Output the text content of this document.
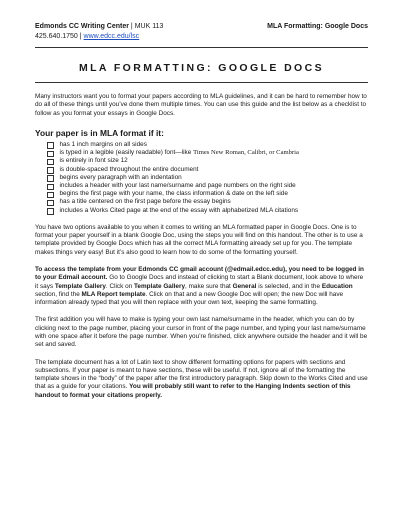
Edmonds CC Writing Center | MUK 113
425.640.1750 | www.edcc.edu/lsc
MLA Formatting: Google Docs
MLA FORMATTING: GOOGLE DOCS

Many instructors want you to format your papers according to MLA guidelines, and it can be hard to remember how to do all of these things until you’ve done them multiple times. You can use this guide and the list below as a checklist to follow as you format your essays in Google Docs.

Your paper is in MLA format if it:
has 1 inch margins on all sides
is typed in a legible (easily readable) font—like Times New Roman, Calibri, or Cambria
is entirely in font size 12
is double-spaced throughout the entire document
begins every paragraph with an indentation
includes a header with your last name/surname and page numbers on the right side
begins the first page with your name, the class information & date on the left side
has a title centered on the first page before the essay begins
includes a Works Cited page at the end of the essay with alphabetized MLA citations

You have two options available to you when it comes to writing an MLA formatted paper in Google Docs. One is to format your paper yourself in a blank Google Doc, using the steps you will find on this handout. The other is to use a template provided by Google Docs which has all the correct MLA formatting already set up for you. The template makes things very easy! But it’s also good to learn how to do some of the formatting yourself.

To access the template from your Edmonds CC gmail account (@edmail.edcc.edu), you need to be logged in to your Edmail account. Go to Google Docs and instead of clicking to start a Blank document, look above to where it says Template Gallery. Click on Template Gallery, make sure that General is selected, and in the Education section, find the MLA Report template. Click on that and a new Google Doc will open; the new Doc will have information already typed that you will then replace with your own text, keeping the same formatting.

The first addition you will have to make is typing your own last name/surname in the header, which you can do by clicking next to the page number, placing your cursor in front of the page number, and typing your last name/surname with one space after it before the page number. When you’re finished, click anywhere outside the header and it will be set and saved.

The template document has a lot of Latin text to show different formatting options for papers with sections and subsections. If your paper is meant to have sections, these will be useful. If not, ignore all of the formatting the template shows in the “body” of the paper after the first introductory paragraph. Skip down to the Works Cited and use that as a guide for your citations. You will probably still want to refer to the Hanging Indents section of this handout to format your citations properly.
